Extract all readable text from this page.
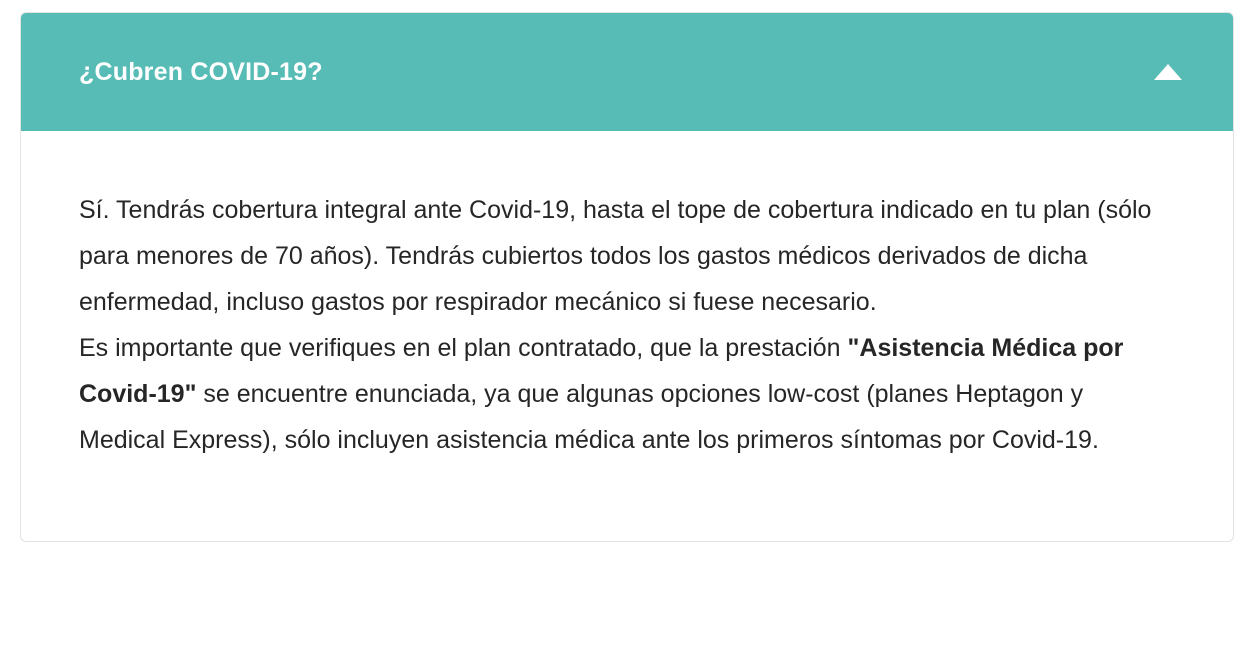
¿Cubren COVID-19?

Sí. Tendrás cobertura integral ante Covid-19, hasta el tope de cobertura indicado en tu plan (sólo para menores de 70 años). Tendrás cubiertos todos los gastos médicos derivados de dicha enfermedad, incluso gastos por respirador mecánico si fuese necesario.

Es importante que verifiques en el plan contratado, que la prestación "Asistencia Médica por Covid-19" se encuentre enunciada, ya que algunas opciones low-cost (planes Heptagon y Medical Express), sólo incluyen asistencia médica ante los primeros síntomas por Covid-19.
